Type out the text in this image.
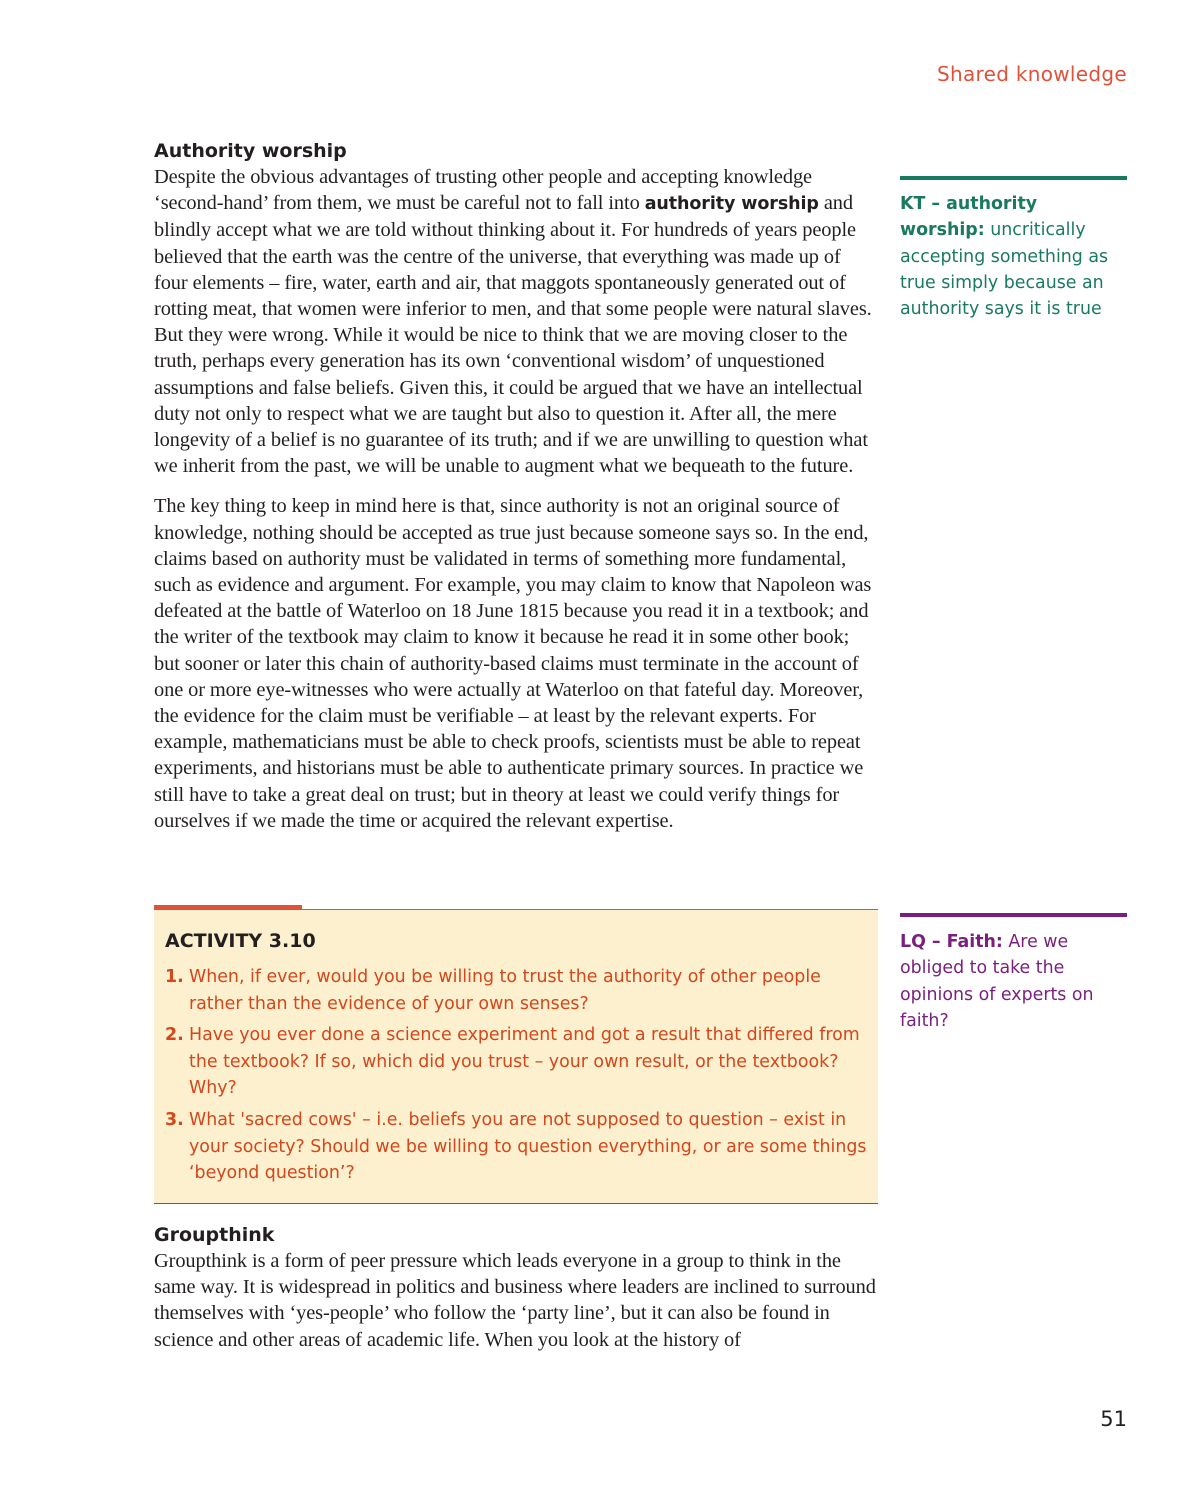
Shared knowledge
Authority worship

Despite the obvious advantages of trusting other people and accepting knowledge ‘second-hand’ from them, we must be careful not to fall into authority worship and blindly accept what we are told without thinking about it. For hundreds of years people believed that the earth was the centre of the universe, that everything was made up of four elements – fire, water, earth and air, that maggots spontaneously generated out of rotting meat, that women were inferior to men, and that some people were natural slaves. But they were wrong. While it would be nice to think that we are moving closer to the truth, perhaps every generation has its own ‘conventional wisdom’ of unquestioned assumptions and false beliefs. Given this, it could be argued that we have an intellectual duty not only to respect what we are taught but also to question it. After all, the mere longevity of a belief is no guarantee of its truth; and if we are unwilling to question what we inherit from the past, we will be unable to augment what we bequeath to the future.

The key thing to keep in mind here is that, since authority is not an original source of knowledge, nothing should be accepted as true just because someone says so. In the end, claims based on authority must be validated in terms of something more fundamental, such as evidence and argument. For example, you may claim to know that Napoleon was defeated at the battle of Waterloo on 18 June 1815 because you read it in a textbook; and the writer of the textbook may claim to know it because he read it in some other book; but sooner or later this chain of authority-based claims must terminate in the account of one or more eye-witnesses who were actually at Waterloo on that fateful day. Moreover, the evidence for the claim must be verifiable – at least by the relevant experts. For example, mathematicians must be able to check proofs, scientists must be able to repeat experiments, and historians must be able to authenticate primary sources. In practice we still have to take a great deal on trust; but in theory at least we could verify things for ourselves if we made the time or acquired the relevant expertise.

ACTIVITY 3.10
1. When, if ever, would you be willing to trust the authority of other people rather than the evidence of your own senses?
2. Have you ever done a science experiment and got a result that differed from the textbook? If so, which did you trust – your own result, or the textbook? Why?
3. What 'sacred cows' – i.e. beliefs you are not supposed to question – exist in your society? Should we be willing to question everything, or are some things ‘beyond question’?
Groupthink

Groupthink is a form of peer pressure which leads everyone in a group to think in the same way. It is widespread in politics and business where leaders are inclined to surround themselves with ‘yes-people’ who follow the ‘party line’, but it can also be found in science and other areas of academic life. When you look at the history of

KT – authority worship: uncritically accepting something as true simply because an authority says it is true
LQ – Faith: Are we obliged to take the opinions of experts on faith?
51
